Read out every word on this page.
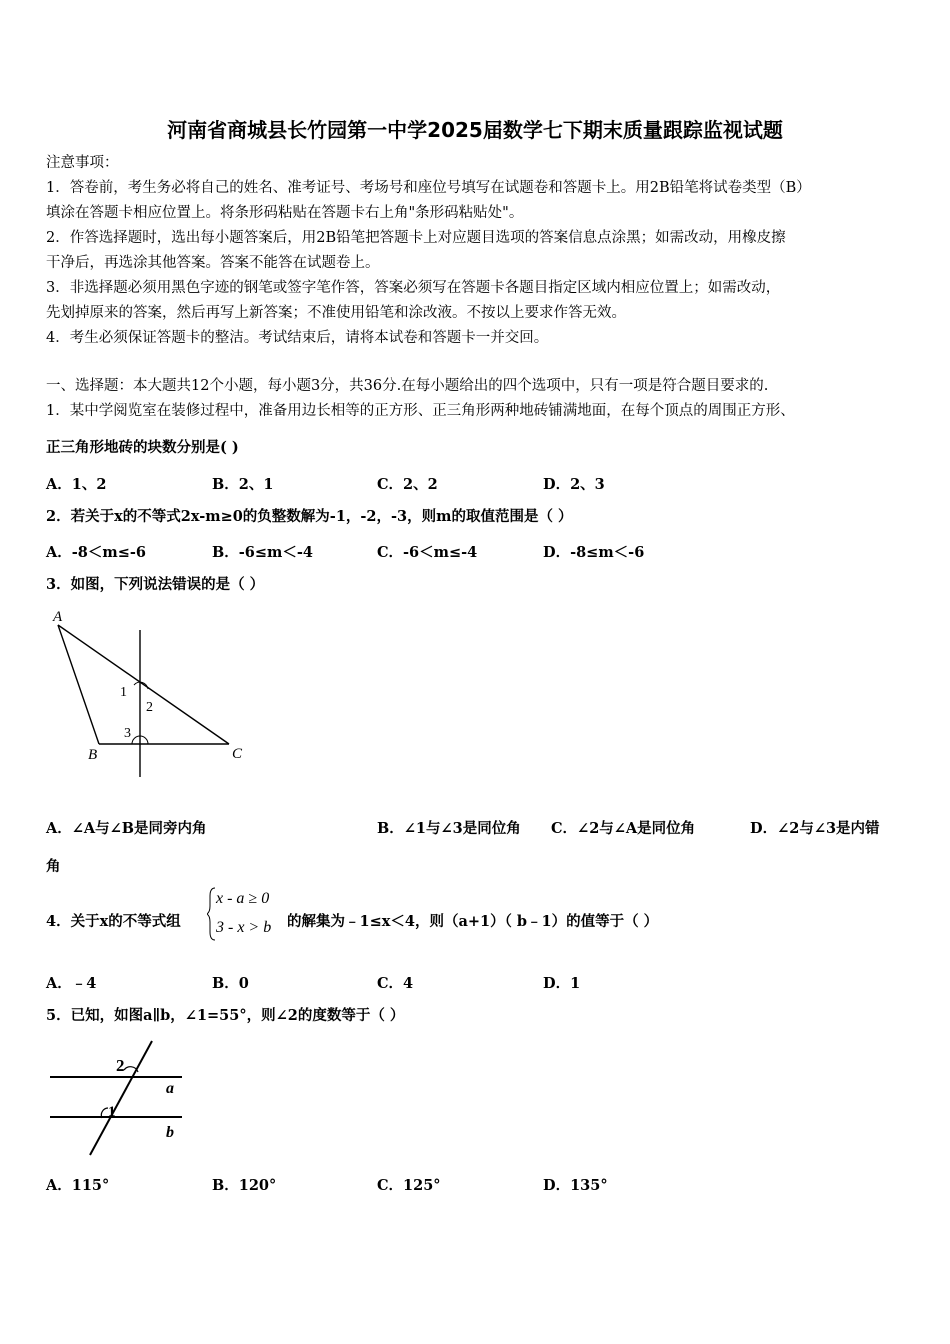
河南省商城县长竹园第一中学2025届数学七下期末质量跟踪监视试题
注意事项：
1．答卷前，考生务必将自己的姓名、准考证号、考场号和座位号填写在试题卷和答题卡上。用2B铅笔将试卷类型（B）
填涂在答题卡相应位置上。将条形码粘贴在答题卡右上角"条形码粘贴处"。
2．作答选择题时，选出每小题答案后，用2B铅笔把答题卡上对应题目选项的答案信息点涂黑；如需改动，用橡皮擦
干净后，再选涂其他答案。答案不能答在试题卷上。
3．非选择题必须用黑色字迹的钢笔或签字笔作答，答案必须写在答题卡各题目指定区域内相应位置上；如需改动，
先划掉原来的答案，然后再写上新答案；不准使用铅笔和涂改液。不按以上要求作答无效。
4．考生必须保证答题卡的整洁。考试结束后，请将本试卷和答题卡一并交回。
一、选择题：本大题共12个小题，每小题3分，共36分.在每小题给出的四个选项中，只有一项是符合题目要求的.
1．某中学阅览室在装修过程中，准备用边长相等的正方形、正三角形两种地砖铺满地面，在每个顶点的周围正方形、
正三角形地砖的块数分别是( )
A．1、2	B．2、1	C．2、2	D．2、3
2．若关于x的不等式2x-m≥0的负整数解为-1，-2，-3，则m的取值范围是（ ）
A．-8＜m≤-6	B．-6≤m＜-4	C．-6＜m≤-4	D．-8≤m＜-6
3．如图，下列说法错误的是（ ）
A
B	C
1
2
3
A．∠A与∠B是同旁内角	B．∠1与∠3是同位角 C．∠2与∠A是同位角	D．∠2与∠3是内错
角
4．关于x的不等式组
x - a ≥ 0
3 - x > b 的解集为﹣1≤x＜4，则（a+1）（ b﹣1）的值等于（ ）
A．﹣4	B．0	C．4	D．1
5．已知，如图a∥b，∠1=55°，则∠2的度数等于（ ）
2
a
1
b
A．115°	B．120°	C．125°	D．135°
